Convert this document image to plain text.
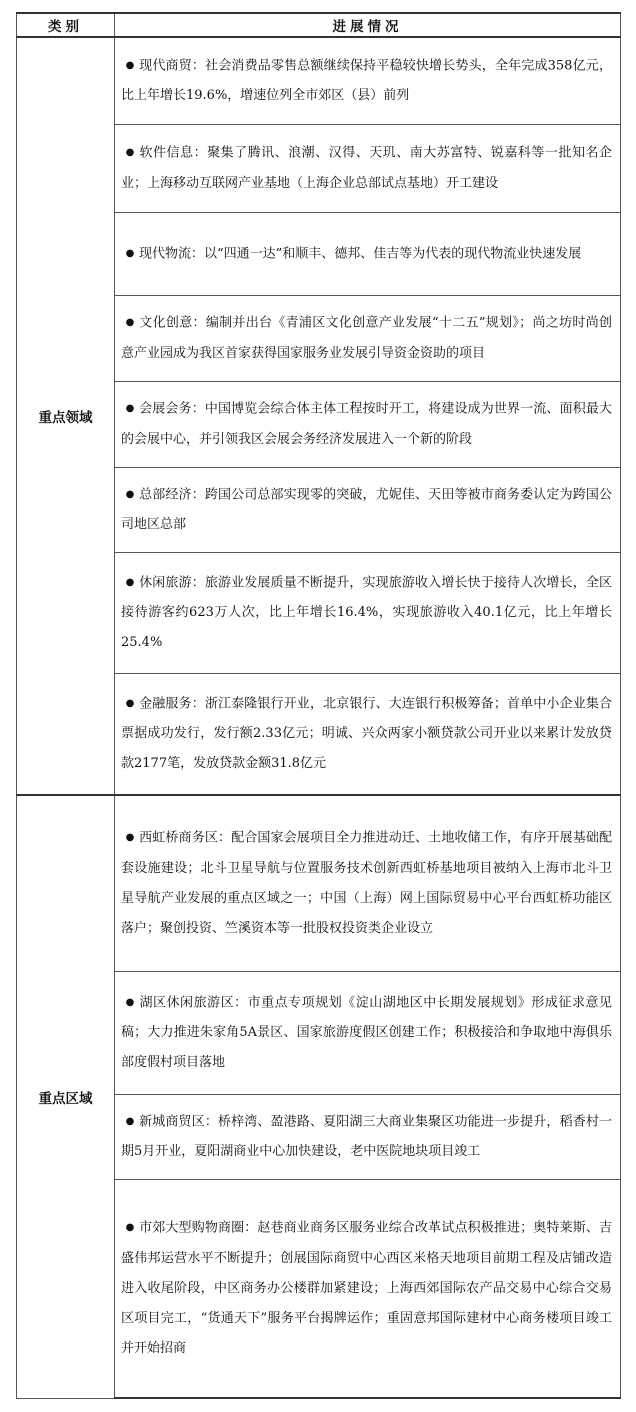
类别	进展情况
重点领域	● 现代商贸：社会消费品零售总额继续保持平稳较快增长势头，全年完成358亿元，比上年增长19.6%，增速位列全市郊区（县）前列
	● 软件信息：聚集了腾讯、浪潮、汉得、天玑、南大苏富特、锐嘉科等一批知名企业；上海移动互联网产业基地（上海企业总部试点基地）开工建设
	● 现代物流：以“四通一达”和顺丰、德邦、佳吉等为代表的现代物流业快速发展
	● 文化创意：编制并出台《青浦区文化创意产业发展“十二五”规划》；尚之坊时尚创意产业园成为我区首家获得国家服务业发展引导资金资助的项目
	● 会展会务：中国博览会综合体主体工程按时开工，将建设成为世界一流、面积最大的会展中心，并引领我区会展会务经济发展进入一个新的阶段
	● 总部经济：跨国公司总部实现零的突破，尤妮佳、天田等被市商务委认定为跨国公司地区总部
	● 休闲旅游：旅游业发展质量不断提升，实现旅游收入增长快于接待人次增长，全区接待游客约623万人次，比上年增长16.4%，实现旅游收入40.1亿元，比上年增长25.4%
	● 金融服务：浙江泰隆银行开业，北京银行、大连银行积极筹备；首单中小企业集合票据成功发行，发行额2.33亿元；明诚、兴众两家小额贷款公司开业以来累计发放贷款2177笔，发放贷款金额31.8亿元
重点区域	● 西虹桥商务区：配合国家会展项目全力推进动迁、土地收储工作，有序开展基础配套设施建设；北斗卫星导航与位置服务技术创新西虹桥基地项目被纳入上海市北斗卫星导航产业发展的重点区域之一；中国（上海）网上国际贸易中心平台西虹桥功能区落户；聚创投资、竺溪资本等一批股权投资类企业设立
	● 湖区休闲旅游区：市重点专项规划《淀山湖地区中长期发展规划》形成征求意见稿；大力推进朱家角5A景区、国家旅游度假区创建工作；积极接洽和争取地中海俱乐部度假村项目落地
	● 新城商贸区：桥梓湾、盈港路、夏阳湖三大商业集聚区功能进一步提升，稻香村一期5月开业，夏阳湖商业中心加快建设，老中医院地块项目竣工
	● 市郊大型购物商圈：赵巷商业商务区服务业综合改革试点积极推进；奥特莱斯、吉盛伟邦运营水平不断提升；创展国际商贸中心西区米格天地项目前期工程及店铺改造进入收尾阶段，中区商务办公楼群加紧建设；上海西郊国际农产品交易中心综合交易区项目完工，“货通天下”服务平台揭牌运作；重固意邦国际建材中心商务楼项目竣工并开始招商
